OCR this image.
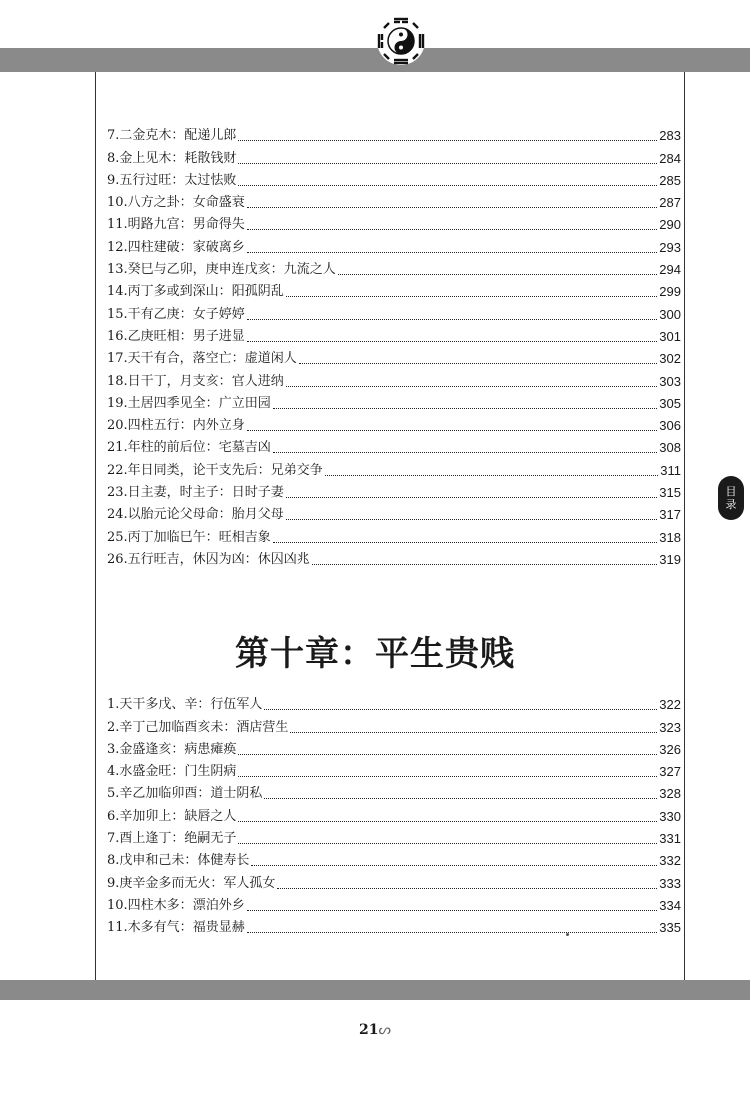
7.二金克木： 配递儿郎	283
8.金上见木： 耗散钱财	284
9.五行过旺： 太过怯败	285
10.八方之卦： 女命盛衰	287
11.明路九宫： 男命得失	290
12.四柱建破： 家破离乡	293
13.癸巳与乙卯，庚申连戊亥： 九流之人	294
14.丙丁多或到深山： 阳孤阴乱	299
15.干有乙庚： 女子婷婷	300
16.乙庚旺相： 男子进显	301
17.天干有合，落空亡： 虚道闲人	302
18.日干丁，月支亥： 官人进纳	303
19.土居四季见全： 广立田园	305
20.四柱五行： 内外立身	306
21.年柱的前后位： 宅墓吉凶	308
22.年日同类，论干支先后： 兄弟交争	311
23.日主妻，时主子： 日时子妻	315
24.以胎元论父母命： 胎月父母	317
25.丙丁加临巳午： 旺相吉象	318
26.五行旺吉，休囚为凶： 休囚凶兆	319
第十章：平生贵贱
1.天干多戊、辛： 行伍军人	322
2.辛丁己加临酉亥未： 酒店营生	323
3.金盛逢亥： 病患瘫痪	326
4.水盛金旺： 门生阴病	327
5.辛乙加临卯酉： 道士阴私	328
6.辛加卯上： 缺唇之人	330
7.酉上逢丁： 绝嗣无子	331
8.戊申和己未： 体健寿长	332
9.庚辛金多而无火： 军人孤女	333
10.四柱木多： 漂泊外乡	334
11.木多有气： 福贵显赫	335
目
录
21ᔕ
